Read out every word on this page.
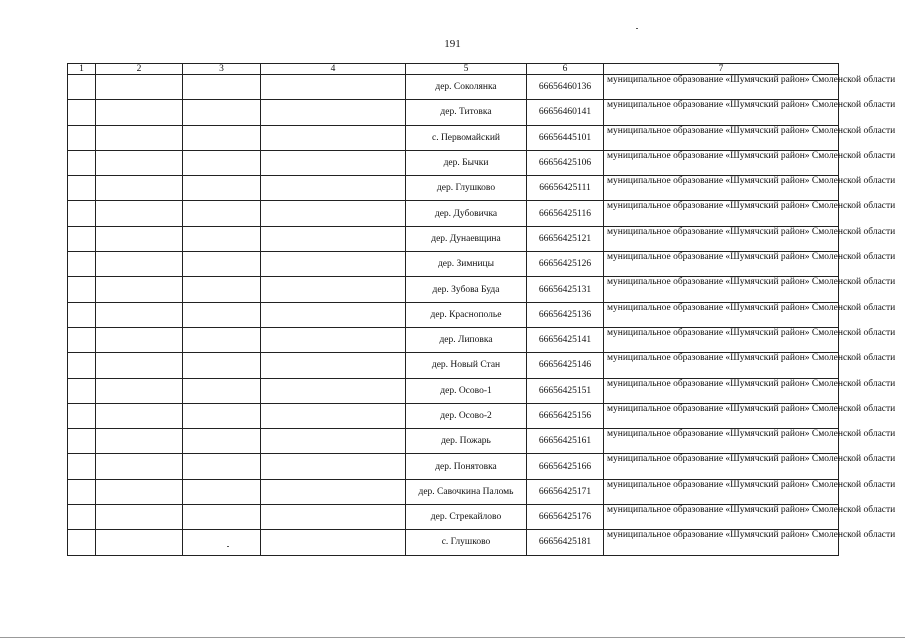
191
1	2	3	4	5	6	7
				дер. Соколянка	66656460136	муниципальное образование «Шумячский район» Смоленской области
				дер. Титовка	66656460141	муниципальное образование «Шумячский район» Смоленской области
				с. Первомайский	66656445101	муниципальное образование «Шумячский район» Смоленской области
				дер. Бычки	66656425106	муниципальное образование «Шумячский район» Смоленской области
				дер. Глушково	66656425111	муниципальное образование «Шумячский район» Смоленской области
				дер. Дубовичка	66656425116	муниципальное образование «Шумячский район» Смоленской области
				дер. Дунаевщина	66656425121	муниципальное образование «Шумячский район» Смоленской области
				дер. Зимницы	66656425126	муниципальное образование «Шумячский район» Смоленской области
				дер. Зубова Буда	66656425131	муниципальное образование «Шумячский район» Смоленской области
				дер. Краснополье	66656425136	муниципальное образование «Шумячский район» Смоленской области
				дер. Липовка	66656425141	муниципальное образование «Шумячский район» Смоленской области
				дер. Новый Стан	66656425146	муниципальное образование «Шумячский район» Смоленской области
				дер. Осово-1	66656425151	муниципальное образование «Шумячский район» Смоленской области
				дер. Осово-2	66656425156	муниципальное образование «Шумячский район» Смоленской области
				дер. Пожарь	66656425161	муниципальное образование «Шумячский район» Смоленской области
				дер. Понятовка	66656425166	муниципальное образование «Шумячский район» Смоленской области
				дер. Савочкина Паломь	66656425171	муниципальное образование «Шумячский район» Смоленской области
				дер. Стрекайлово	66656425176	муниципальное образование «Шумячский район» Смоленской области
				с. Глушково	66656425181	муниципальное образование «Шумячский район» Смоленской области
